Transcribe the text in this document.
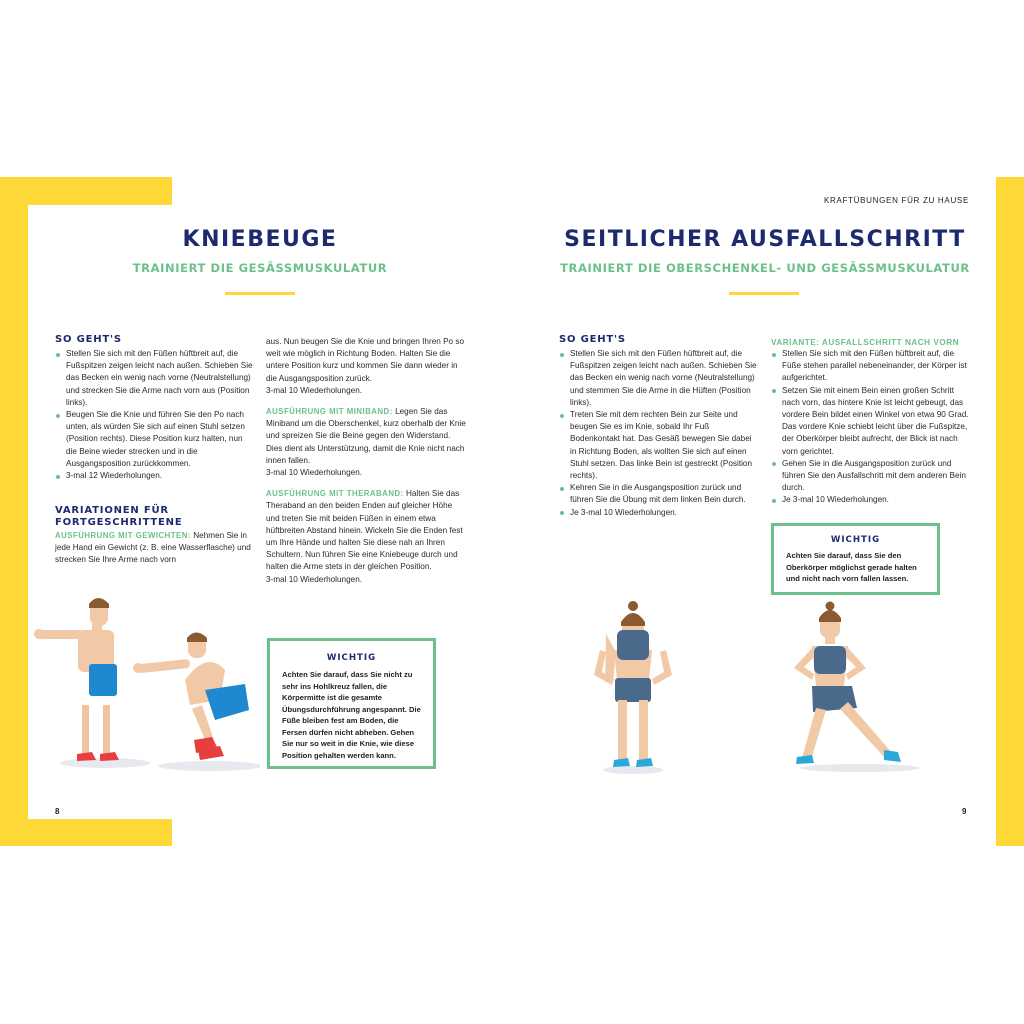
KRAFTÜBUNGEN FÜR ZU HAUSE
KNIEBEUGE
TRAINIERT DIE GESÄSSMUSKULATUR
SO GEHT'S
Stellen Sie sich mit den Füßen hüftbreit auf, die Fußspitzen zeigen leicht nach außen. Schieben Sie das Becken ein wenig nach vorne (Neutralstellung) und strecken Sie die Arme nach vorn aus (Position links).
Beugen Sie die Knie und führen Sie den Po nach unten, als würden Sie sich auf einen Stuhl setzen (Position rechts). Diese Position kurz halten, nun die Beine wieder strecken und in die Ausgangsposition zurückkommen.
3-mal 12 Wiederholungen.
VARIATIONEN FÜR
FORTGESCHRITTENE
AUSFÜHRUNG MIT GEWICHTEN: Nehmen Sie in jede Hand ein Gewicht (z. B. eine Wasserflasche) und strecken Sie Ihre Arme nach vorn

aus. Nun beugen Sie die Knie und bringen Ihren Po so weit wie möglich in Richtung Boden. Halten Sie die untere Position kurz und kommen Sie dann wieder in die Ausgangsposition zurück.

3-mal 10 Wiederholungen.

AUSFÜHRUNG MIT MINIBAND: Legen Sie das Miniband um die Oberschenkel, kurz oberhalb der Knie und spreizen Sie die Beine gegen den Widerstand. Dies dient als Unterstützung, damit die Knie nicht nach innen fallen.

3-mal 10 Wiederholungen.

AUSFÜHRUNG MIT THERABAND: Halten Sie das Theraband an den beiden Enden auf gleicher Höhe und treten Sie mit beiden Füßen in einem etwa hüftbreiten Abstand hinein. Wickeln Sie die Enden fest um Ihre Hände und halten Sie diese nah an Ihren Schultern. Nun führen Sie eine Kniebeuge durch und halten die Arme stets in der gleichen Position.

3-mal 10 Wiederholungen.

WICHTIG
Achten Sie darauf, dass Sie nicht zu sehr ins Hohlkreuz fallen, die Körpermitte ist die gesamte Übungsdurchführung angespannt. Die Füße bleiben fest am Boden, die Fersen dürfen nicht abheben. Gehen Sie nur so weit in die Knie, wie diese Position gehalten werden kann.
8
SEITLICHER AUSFALLSCHRITT
TRAINIERT DIE OBERSCHENKEL- UND GESÄSSMUSKULATUR
SO GEHT'S
Stellen Sie sich mit den Füßen hüftbreit auf, die Fußspitzen zeigen leicht nach außen. Schieben Sie das Becken ein wenig nach vorne (Neutralstellung) und stemmen Sie die Arme in die Hüften (Position links).
Treten Sie mit dem rechten Bein zur Seite und beugen Sie es im Knie, sobald Ihr Fuß Bodenkontakt hat. Das Gesäß bewegen Sie dabei in Richtung Boden, als wollten Sie sich auf einen Stuhl setzen. Das linke Bein ist gestreckt (Position rechts).
Kehren Sie in die Ausgangsposition zurück und führen Sie die Übung mit dem linken Bein durch.
Je 3-mal 10 Wiederholungen.
VARIANTE: AUSFALLSCHRITT NACH VORN
Stellen Sie sich mit den Füßen hüftbreit auf, die Füße stehen parallel nebeneinander, der Körper ist aufgerichtet.
Setzen Sie mit einem Bein einen großen Schritt nach vorn, das hintere Knie ist leicht gebeugt, das vordere Bein bildet einen Winkel von etwa 90 Grad. Das vordere Knie schiebt leicht über die Fußspitze, der Oberkörper bleibt aufrecht, der Blick ist nach vorn gerichtet.
Gehen Sie in die Ausgangsposition zurück und führen Sie den Ausfallschritt mit dem anderen Bein durch.
Je 3-mal 10 Wiederholungen.
WICHTIG
Achten Sie darauf, dass Sie den Oberkörper möglichst gerade halten und nicht nach vorn fallen lassen.
9
